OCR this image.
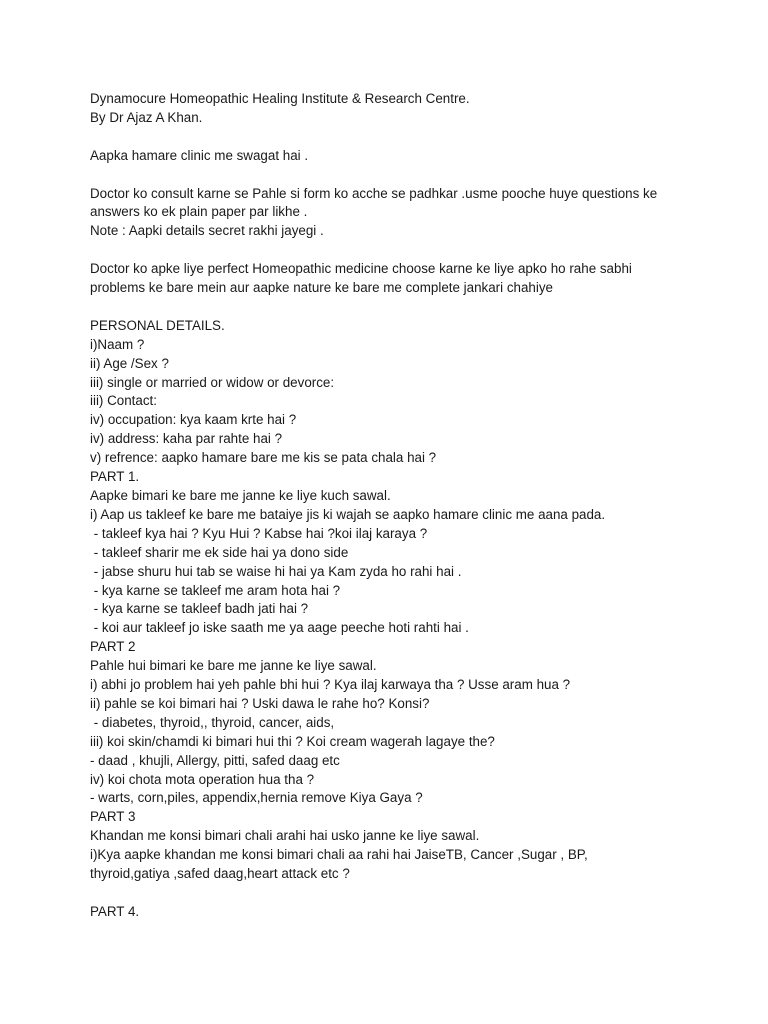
Dynamocure Homeopathic Healing Institute & Research Centre.
By Dr Ajaz A Khan.
Aapka hamare clinic me swagat hai .
Doctor ko consult karne se Pahle si form ko acche se padhkar .usme pooche huye questions ke
answers ko ek plain paper par likhe .
Note : Aapki details secret rakhi jayegi .
Doctor ko apke liye perfect Homeopathic medicine choose karne ke liye apko ho rahe sabhi
problems ke bare mein aur aapke nature ke bare me complete jankari chahiye
PERSONAL DETAILS.
i)Naam ?
ii) Age /Sex ?
iii) single or married or widow or devorce:
iii) Contact:
iv) occupation: kya kaam krte hai ?
iv) address: kaha par rahte hai ?
v) refrence: aapko hamare bare me kis se pata chala hai ?
PART 1.
Aapke bimari ke bare me janne ke liye kuch sawal.
i) Aap us takleef ke bare me bataiye jis ki wajah se aapko hamare clinic me aana pada.
- takleef kya hai ? Kyu Hui ? Kabse hai ?koi ilaj karaya ?
- takleef sharir me ek side hai ya dono side
- jabse shuru hui tab se waise hi hai ya Kam zyda ho rahi hai .
- kya karne se takleef me aram hota hai ?
- kya karne se takleef badh jati hai ?
- koi aur takleef jo iske saath me ya aage peeche hoti rahti hai .
PART 2
Pahle hui bimari ke bare me janne ke liye sawal.
i) abhi jo problem hai yeh pahle bhi hui ? Kya ilaj karwaya tha ? Usse aram hua ?
ii) pahle se koi bimari hai ? Uski dawa le rahe ho? Konsi?
- diabetes, thyroid,, thyroid, cancer, aids,
iii) koi skin/chamdi ki bimari hui thi ? Koi cream wagerah lagaye the?
- daad , khujli, Allergy, pitti, safed daag etc
iv) koi chota mota operation hua tha ?
- warts, corn,piles, appendix,hernia remove Kiya Gaya ?
PART 3
Khandan me konsi bimari chali arahi hai usko janne ke liye sawal.
i)Kya aapke khandan me konsi bimari chali aa rahi hai JaiseTB, Cancer ,Sugar , BP,
thyroid,gatiya ,safed daag,heart attack etc ?
PART 4.
